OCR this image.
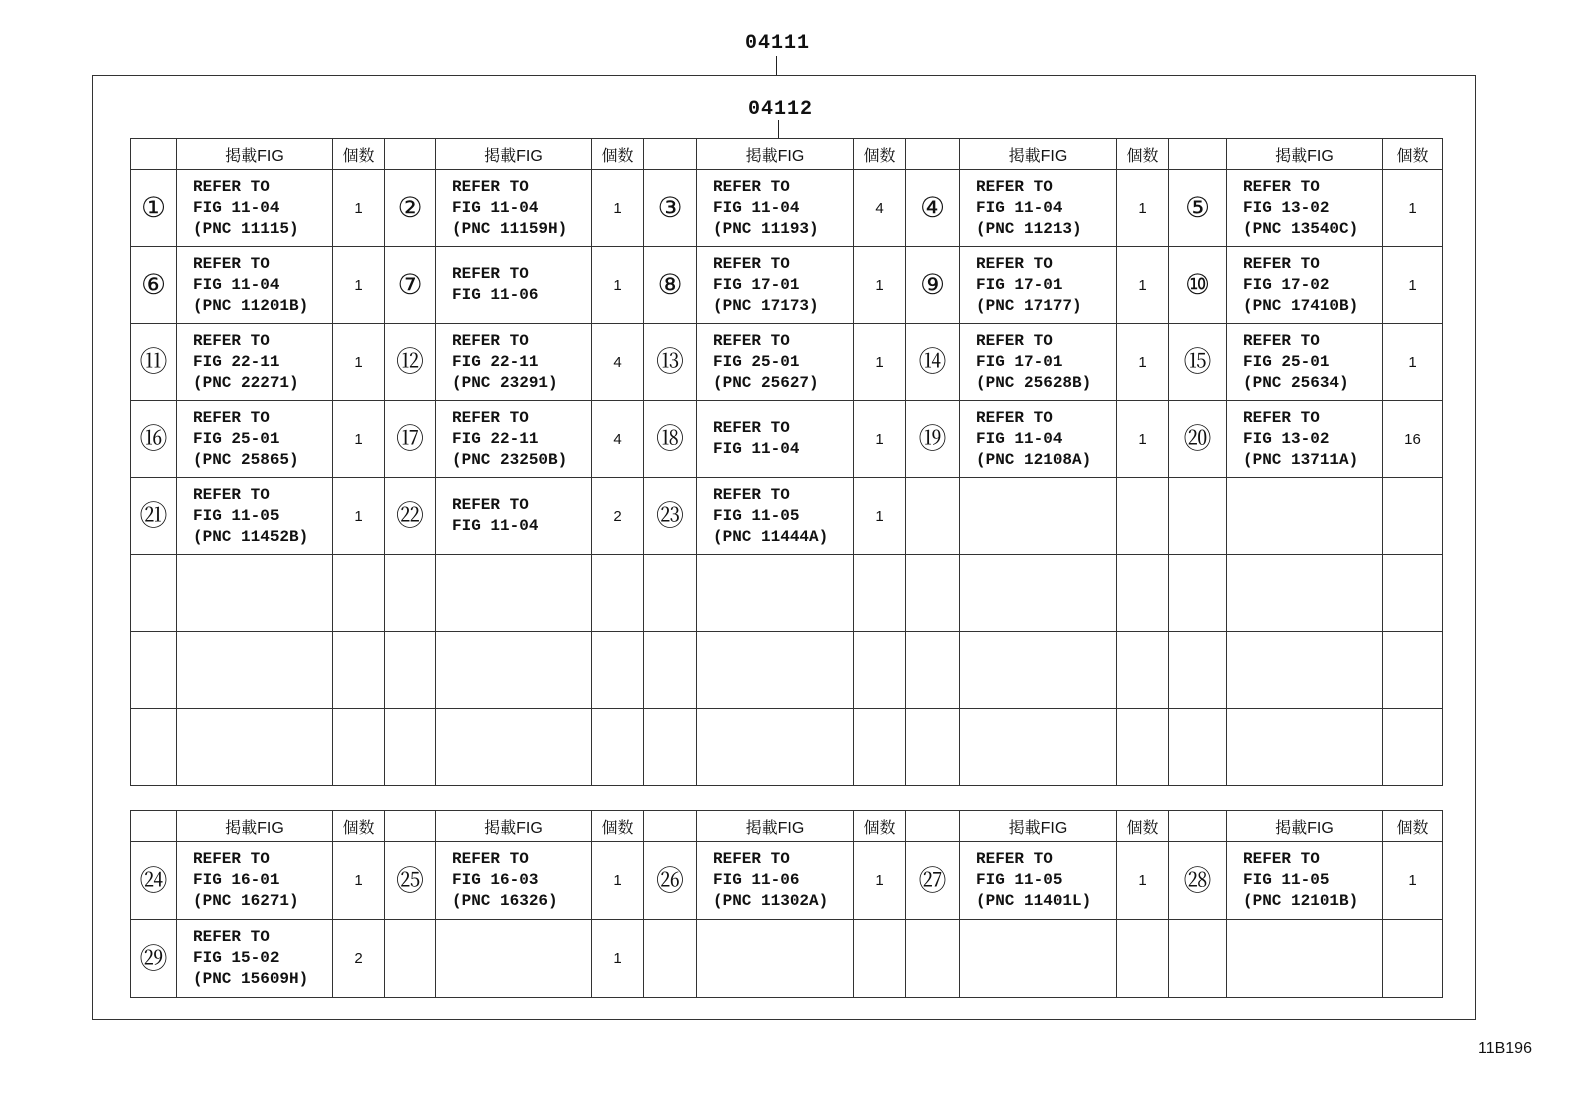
04111
04112
	掲載FIG	個数		掲載FIG	個数		掲載FIG	個数		掲載FIG	個数		掲載FIG	個数
①	REFER TO
FIG 11-04
(PNC 11115)	1	②	REFER TO
FIG 11-04
(PNC 11159H)	1	③	REFER TO
FIG 11-04
(PNC 11193)	4	④	REFER TO
FIG 11-04
(PNC 11213)	1	⑤	REFER TO
FIG 13-02
(PNC 13540C)	1
⑥	REFER TO
FIG 11-04
(PNC 11201B)	1	⑦	REFER TO
FIG 11-06	1	⑧	REFER TO
FIG 17-01
(PNC 17173)	1	⑨	REFER TO
FIG 17-01
(PNC 17177)	1	⑩	REFER TO
FIG 17-02
(PNC 17410B)	1
⑪	REFER TO
FIG 22-11
(PNC 22271)	1	⑫	REFER TO
FIG 22-11
(PNC 23291)	4	⑬	REFER TO
FIG 25-01
(PNC 25627)	1	⑭	REFER TO
FIG 17-01
(PNC 25628B)	1	⑮	REFER TO
FIG 25-01
(PNC 25634)	1
⑯	REFER TO
FIG 25-01
(PNC 25865)	1	⑰	REFER TO
FIG 22-11
(PNC 23250B)	4	⑱	REFER TO
FIG 11-04	1	⑲	REFER TO
FIG 11-04
(PNC 12108A)	1	⑳	REFER TO
FIG 13-02
(PNC 13711A)	16
㉑	REFER TO
FIG 11-05
(PNC 11452B)	1	㉒	REFER TO
FIG 11-04	2	㉓	REFER TO
FIG 11-05
(PNC 11444A)	1						

	掲載FIG	個数		掲載FIG	個数		掲載FIG	個数		掲載FIG	個数		掲載FIG	個数
㉔	REFER TO
FIG 16-01
(PNC 16271)	1	㉕	REFER TO
FIG 16-03
(PNC 16326)	1	㉖	REFER TO
FIG 11-06
(PNC 11302A)	1	㉗	REFER TO
FIG 11-05
(PNC 11401L)	1	㉘	REFER TO
FIG 11-05
(PNC 12101B)	1
㉙	REFER TO
FIG 15-02
(PNC 15609H)	2			1									
11B196
